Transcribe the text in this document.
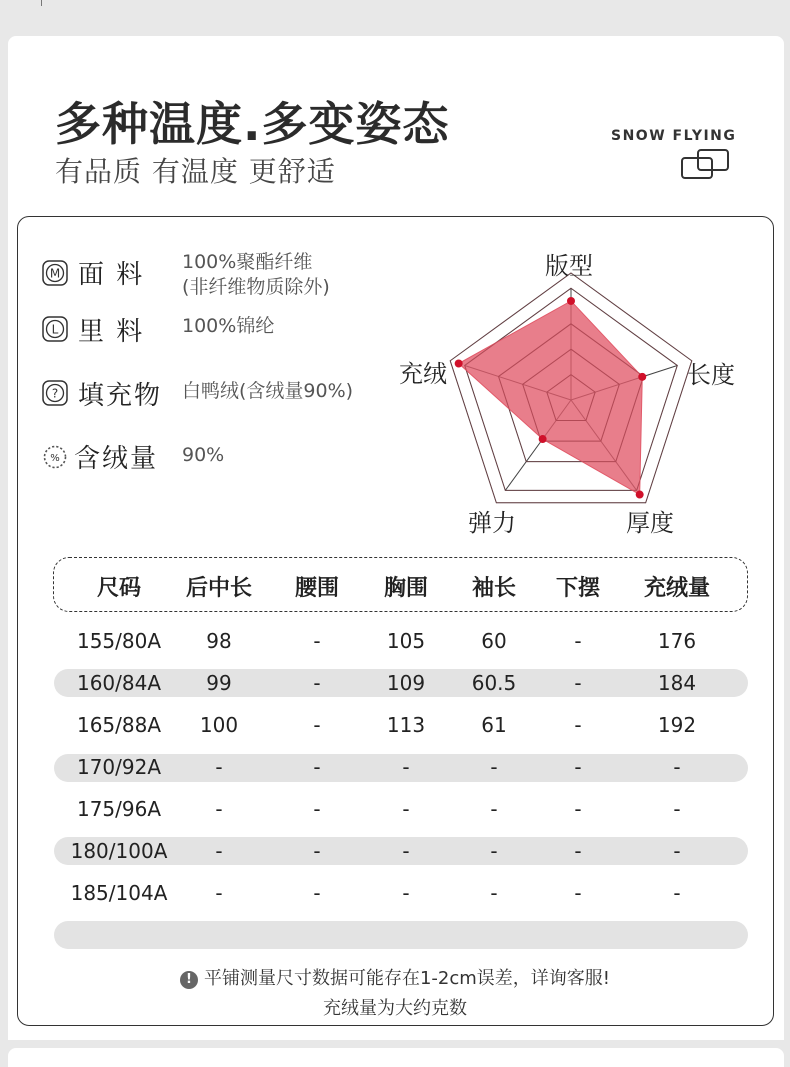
多种温度.多变姿态
有品质 有温度 更舒适
SNOW FLYING
M 面 料 100%聚酯纤维
(非纤维物质除外)
L 里 料 100%锦纶
? 填充物 白鸭绒(含绒量90%)
% 含绒量 90%
版型
长度
厚度
弹力
充绒
尺码 后中长 腰围 胸围 袖长 下摆 充绒量
155/80A 98	-	105	60	-	176
160/84A 99	-	109 60.5	-	184
165/88A 100	-	113	61	-	192
170/92A	-	-	-	-	-	-
175/96A	-	-	-	-	-	-
180/100A -	-	-	-	-	-
185/104A -	-	-	-	-	-
! 平铺测量尺寸数据可能存在1-2cm误差，详询客服!
充绒量为大约克数
